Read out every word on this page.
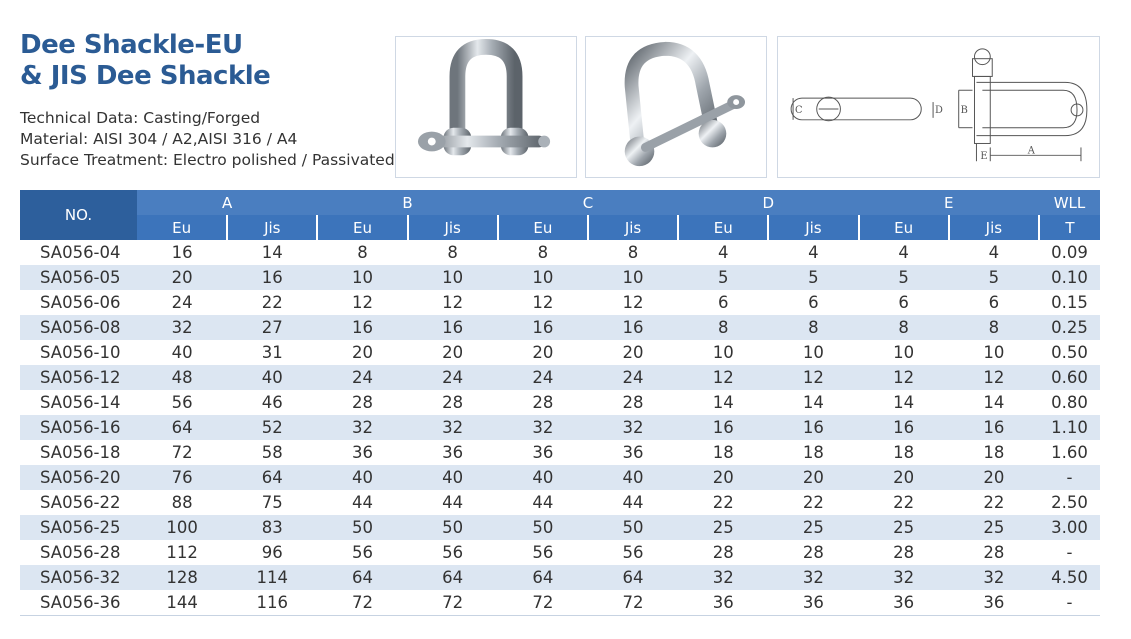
Dee Shackle-EU
& JIS Dee Shackle
Technical Data: Casting/Forged
Material: AISI 304 / A2,AISI 316 / A4
Surface Treatment: Electro polished / Passivated
C	D B
E
A
NO.	A		B		C		D		E		WLL
	Eu	Jis	Eu	Jis	Eu	Jis	Eu	Jis	Eu	Jis	T
SA056-04	16	14	8	8	8	8	4	4	4	4	0.09
SA056-05	20	16	10	10	10	10	5	5	5	5	0.10
SA056-06	24	22	12	12	12	12	6	6	6	6	0.15
SA056-08	32	27	16	16	16	16	8	8	8	8	0.25
SA056-10	40	31	20	20	20	20	10	10	10	10	0.50
SA056-12	48	40	24	24	24	24	12	12	12	12	0.60
SA056-14	56	46	28	28	28	28	14	14	14	14	0.80
SA056-16	64	52	32	32	32	32	16	16	16	16	1.10
SA056-18	72	58	36	36	36	36	18	18	18	18	1.60
SA056-20	76	64	40	40	40	40	20	20	20	20	-
SA056-22	88	75	44	44	44	44	22	22	22	22	2.50
SA056-25	100	83	50	50	50	50	25	25	25	25	3.00
SA056-28	112	96	56	56	56	56	28	28	28	28	-
SA056-32	128	114	64	64	64	64	32	32	32	32	4.50
SA056-36	144	116	72	72	72	72	36	36	36	36	-
